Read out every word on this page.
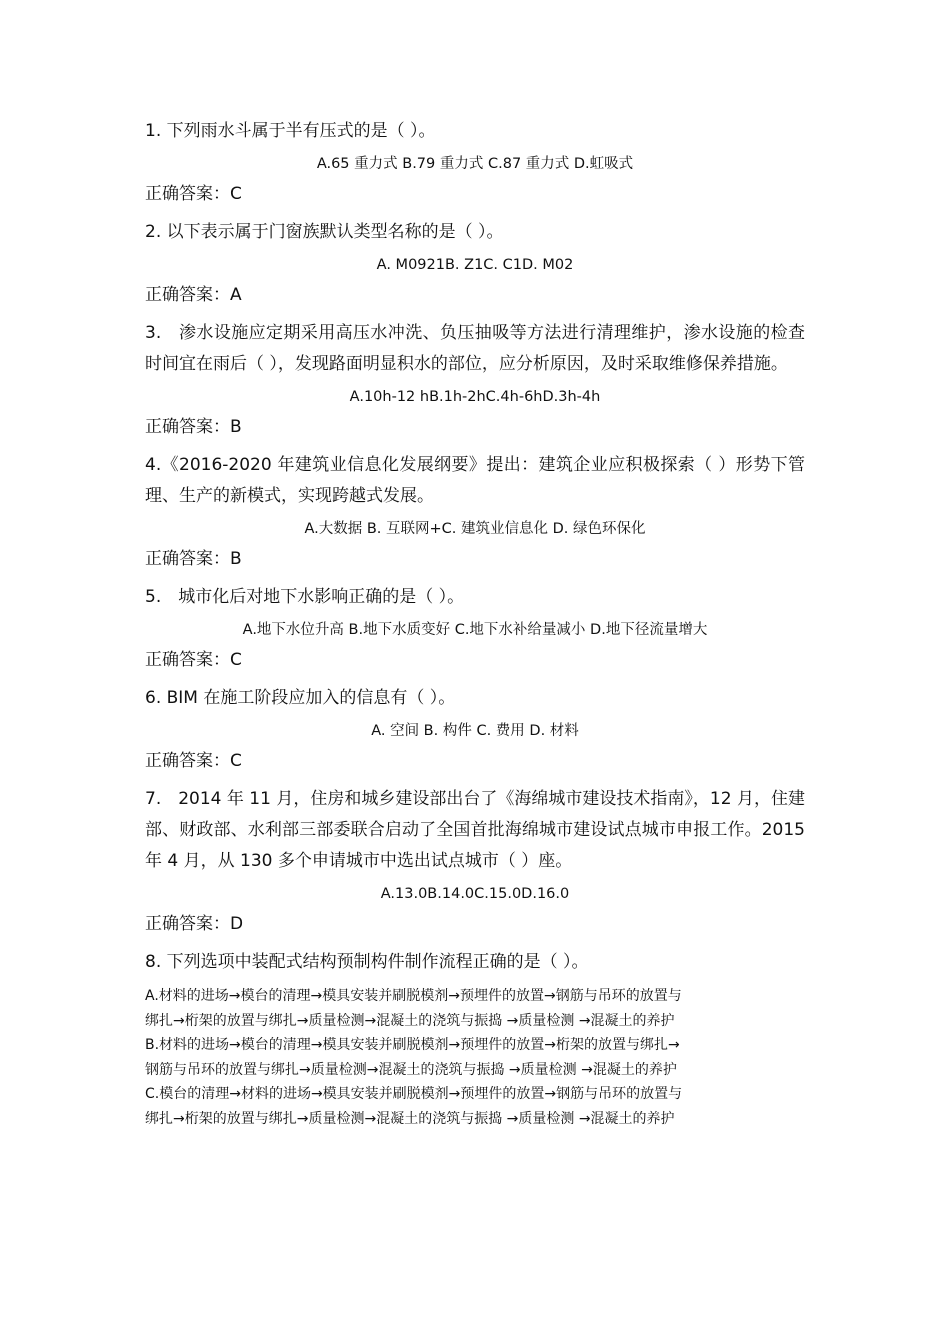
1. 下列雨水斗属于半有压式的是（ ）。

A.65 重力式 B.79 重力式 C.87 重力式 D.虹吸式

正确答案：C

2. 以下表示属于门窗族默认类型名称的是（ ）。

A. M0921B. Z1C. C1D. M02

正确答案：A

3.　渗水设施应定期采用高压水冲洗、负压抽吸等方法进行清理维护，渗水设施的检查时间宜在雨后（ ），发现路面明显积水的部位，应分析原因，及时采取维修保养措施。

A.10h-12 hB.1h-2hC.4h-6hD.3h-4h

正确答案：B

4.《2016-2020 年建筑业信息化发展纲要》提出：建筑企业应积极探索（ ）形势下管理、生产的新模式，实现跨越式发展。

A.大数据 B. 互联网+C. 建筑业信息化 D. 绿色环保化

正确答案：B

5.　城市化后对地下水影响正确的是（ ）。

A.地下水位升高 B.地下水质变好 C.地下水补给量减小 D.地下径流量增大

正确答案：C

6. BIM 在施工阶段应加入的信息有（ ）。

A. 空间 B. 构件 C. 费用 D. 材料

正确答案：C

7.　2014 年 11 月，住房和城乡建设部出台了《海绵城市建设技术指南》，12 月，住建部、财政部、水利部三部委联合启动了全国首批海绵城市建设试点城市申报工作。2015 年 4 月，从 130 多个申请城市中选出试点城市（ ）座。

A.13.0B.14.0C.15.0D.16.0

正确答案：D

8. 下列选项中装配式结构预制构件制作流程正确的是（ ）。

A.材料的进场→模台的清理→模具安装并刷脱模剂→预埋件的放置→钢筋与吊环的放置与
绑扎→桁架的放置与绑扎→质量检测→混凝土的浇筑与振捣 →质量检测 →混凝土的养护
B.材料的进场→模台的清理→模具安装并刷脱模剂→预埋件的放置→桁架的放置与绑扎→
钢筋与吊环的放置与绑扎→质量检测→混凝土的浇筑与振捣 →质量检测 →混凝土的养护
C.模台的清理→材料的进场→模具安装并刷脱模剂→预埋件的放置→钢筋与吊环的放置与
绑扎→桁架的放置与绑扎→质量检测→混凝土的浇筑与振捣 →质量检测 →混凝土的养护
